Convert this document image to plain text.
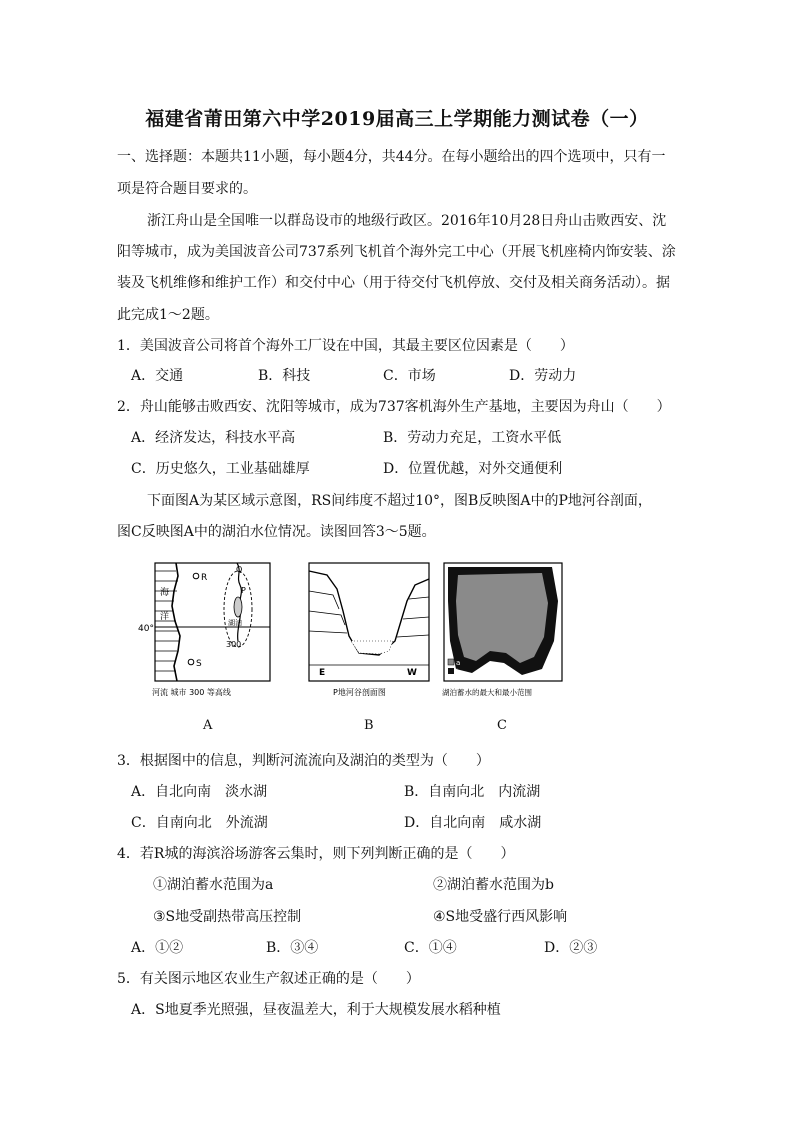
福建省莆田第六中学2019届高三上学期能力测试卷（一）
一、选择题：本题共11小题，每小题4分，共44分。在每小题给出的四个选项中，只有一
项是符合题目要求的。
浙江舟山是全国唯一以群岛设市的地级行政区。2016年10月28日舟山击败西安、沈
阳等城市，成为美国波音公司737系列飞机首个海外完工中心（开展飞机座椅内饰安装、涂
装及飞机维修和维护工作）和交付中心（用于待交付飞机停放、交付及相关商务活动）。据
此完成1～2题。
1．美国波音公司将首个海外工厂设在中国，其最主要区位因素是（　　）
A．交通	B．科技	C．市场	D．劳动力
2．舟山能够击败西安、沈阳等城市，成为737客机海外生产基地，主要因为舟山（　　）
A．经济发达，科技水平高	B．劳动力充足，工资水平低
C．历史悠久，工业基础雄厚	D．位置优越，对外交通便利
下面图A为某区域示意图，RS间纬度不超过10°，图B反映图A中的P地河谷剖面，
图C反映图A中的湖泊水位情况。读图回答3～5题。
海
洋
40°
R
S
Q
P
湖泊
300
河流 城市 300 等高线
E	W
P地河谷剖面图
a
b
湖泊蓄水的最大和最小范围
A	B	C
3．根据图中的信息，判断河流流向及湖泊的类型为（　　）
A．自北向南　淡水湖	B．自南向北　内流湖
C．自南向北　外流湖	D．自北向南　咸水湖
4．若R城的海滨浴场游客云集时，则下列判断正确的是（　　）
①湖泊蓄水范围为a	②湖泊蓄水范围为b
③S地受副热带高压控制	④S地受盛行西风影响
A．①②	B．③④	C．①④	D．②③
5．有关图示地区农业生产叙述正确的是（　　）
A．S地夏季光照强，昼夜温差大，利于大规模发展水稻种植
